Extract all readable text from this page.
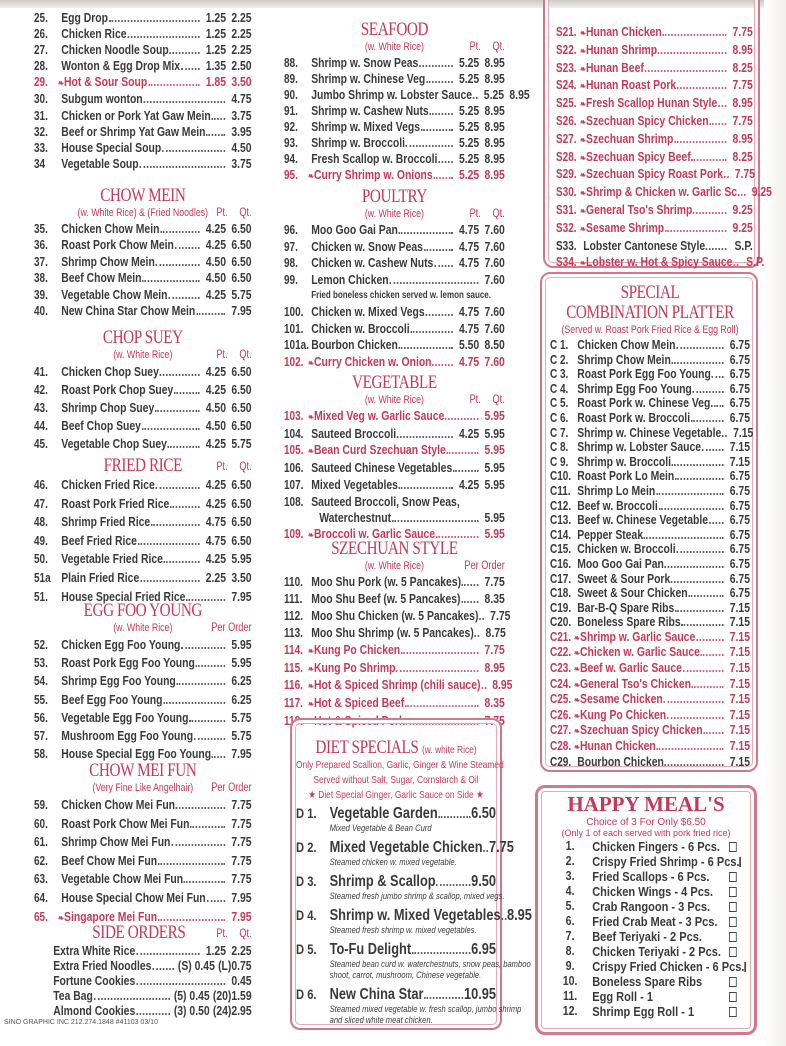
25.	Egg Drop	1.25 2.25
26.	Chicken Rice	1.25 2.25
27.	Chicken Noodle Soup	1.25 2.25
28.	Wonton & Egg Drop Mix	1.35 2.50
29.	❧ Hot & Sour Soup	1.85 3.50
30.	Subgum wonton	4.75
31.	Chicken or Pork Yat Gaw Mein	3.75
32.	Beef or Shrimp Yat Gaw Mein	3.95
33.	House Special Soup	4.50
34	Vegetable Soup	3.75
CHOW MEIN
(w. White Rice) & (Fried Noodles) Pt. Qt.
35.	Chicken Chow Mein	4.25 6.50
36.	Roast Pork Chow Mein	4.25 6.50
37.	Shrimp Chow Mein	4.50 6.50
38.	Beef Chow Mein	4.50 6.50
39.	Vegetable Chow Mein	4.25 5.75
40.	New China Star Chow Mein	7.95
CHOP SUEY
(w. White Rice)	Pt. Qt.
41.	Chicken Chop Suey	4.25 6.50
42.	Roast Pork Chop Suey	4.25 6.50
43.	Shrimp Chop Suey	4.50 6.50
44.	Beef Chop Suey	4.50 6.50
45.	Vegetable Chop Suey	4.25 5.75
FRIED RICE	Pt. Qt.
46.	Chicken Fried Rice	4.25 6.50
47.	Roast Pork Fried Rice	4.25 6.50
48.	Shrimp Fried Rice	4.75 6.50
49.	Beef Fried Rice	4.75 6.50
50.	Vegetable Fried Rice	4.25 5.95
51a Plain Fried Rice	2.25 3.50
51.	House Special Fried Rice	7.95
EGG FOO YOUNG
(w. White Rice)	Per Order
52.	Chicken Egg Foo Young	5.95
53.	Roast Pork Egg Foo Young	5.95
54.	Shrimp Egg Foo Young	6.25
55.	Beef Egg Foo Young	6.25
56.	Vegetable Egg Foo Young	5.75
57.	Mushroom Egg Foo Young	5.75
58.	House Special Egg Foo Young	7.95
CHOW MEI FUN
(Very Fine Like Angelhair) Per Order
59.	Chicken Chow Mei Fun	7.75
60.	Roast Pork Chow Mei Fun	7.75
61.	Shrimp Chow Mei Fun	7.75
62.	Beef Chow Mei Fun	7.75
63.	Vegetable Chow Mei Fun	7.75
64.	House Special Chow Mei Fun	7.95
65.	❧ Singapore Mei Fun	7.95
SIDE ORDERS	Pt. Qt.
Extra White Rice	1.25 2.25
Extra Fried Noodles (S) 0.45 (L)0.75
Fortune Cookies	0.45
Tea Bag	(5) 0.45 (20)1.59
Almond Cookies	(3) 0.50 (24)2.95
SEAFOOD
(w. White Rice)	Pt. Qt.
88.	Shrimp w. Snow Peas	5.25 8.95
89.	Shrimp w. Chinese Veg	5.25 8.95
90.	Jumbo Shrimp w. Lobster Sauce 5.25 8.95
91.	Shrimp w. Cashew Nuts	5.25 8.95
92.	Shrimp w. Mixed Vegs	5.25 8.95
93.	Shrimp w. Broccoli	5.25 8.95
94.	Fresh Scallop w. Broccoli	5.25 8.95
95.	❧ Curry Shrimp w. Onions	5.25 8.95
POULTRY
(w. White Rice)	Pt. Qt.
96.	Moo Goo Gai Pan	4.75 7.60
97.	Chicken w. Snow Peas	4.75 7.60
98.	Chicken w. Cashew Nuts	4.75 7.60
99.	Lemon Chicken	7.60
Fried boneless chicken served w. lemon sauce.
100. Chicken w. Mixed Vegs	4.75 7.60
101. Chicken w. Broccoli	4.75 7.60
101a. Bourbon Chicken	5.50 8.50
102. ❧ Curry Chicken w. Onion	4.75 7.60
VEGETABLE
(w. White Rice)	Pt. Qt.
103. ❧ Mixed Veg w. Garlic Sauce	5.95
104. Sauteed Broccoli	4.25 5.95
105. ❧ Bean Curd Szechuan Style	5.95
106. Sauteed Chinese Vegetables	5.95
107. Mixed Vegetables	4.25 5.95
108. Sauteed Broccoli, Snow Peas,
Waterchestnut	5.95
109. ❧ Broccoli w. Garlic Sauce	5.95
SZECHUAN STYLE
(w. White Rice)	Per Order
110. Moo Shu Pork (w. 5 Pancakes)	7.75
111. Moo Shu Beef (w. 5 Pancakes)	8.35
112. Moo Shu Chicken (w. 5 Pancakes) 7.75
113. Moo Shu Shrimp (w. 5 Pancakes) 8.75
114. ❧ Kung Po Chicken	7.75
115. ❧ Kung Po Shrimp	8.95
116. ❧ Hot & Spiced Shrimp (chili sauce) 8.95
117. ❧ Hot & Spiced Beef	8.35
118. ❧ Hot & Spiced Pork	7.75
DIET SPECIALS (w. white Rice)
Only Prepared Scallion, Garlic, Ginger & Wine Steamed
Served without Salt, Sugar, Cornstarch & Oil
★ Diet Special Ginger, Garlic Sauce on Side ★
D 1. Vegetable Garden 6.50
Mixed Vegetable & Bean Curd
D 2. Mixed Vegetable Chicken 7.75
Steamed chicken w. mixed vegetable.
D 3. Shrimp & Scallop 9.50
Steamed fresh jumbo shrimp & scallop, mixed vegs.
D 4. Shrimp w. Mixed Vegetables 8.95
Steamed fresh shrimp w. mixed vegetables.
D 5. To-Fu Delight	6.95
Steamed bean curd w. waterchestnuts, snow peas, bamboo shoot, carrot, mushroom, Chinese vegetable.
D 6. New China Star	10.95
Steamed mixed vegetable w. fresh scallop, jumbo shrimp and sliced white meat chicken.
S21. ❧ Hunan Chicken	7.75
S22. ❧ Hunan Shrimp	8.95
S23. ❧ Hunan Beef	8.25
S24. ❧ Hunan Roast Pork	7.75
S25. ❧ Fresh Scallop Hunan Style	8.95
S26. ❧ Szechuan Spicy Chicken	7.75
S27. ❧ Szechuan Shrimp	8.95
S28. ❧ Szechuan Spicy Beef	8.25
S29. ❧ Szechuan Spicy Roast Pork 7.75
S30. ❧ Shrimp & Chicken w. Garlic Sc. 9.25
S31. ❧ General Tso's Shrimp	9.25
S32. ❧ Sesame Shrimp	9.25
S33. Lobster Cantonese Style	S.P.
S34. ❧ Lobster w. Hot & Spicy Sauce	S.P.
SPECIAL
COMBINATION PLATTER
(Served w. Roast Pork Fried Rice & Egg Roll)
C 1. Chicken Chow Mein	6.75
C 2. Shrimp Chow Mein	6.75
C 3. Roast Pork Egg Foo Young	6.75
C 4. Shrimp Egg Foo Young	6.75
C 5. Roast Pork w. Chinese Veg.	6.75
C 6. Roast Pork w. Broccoli	6.75
C 7. Shrimp w. Chinese Vegetable 7.15
C 8. Shrimp w. Lobster Sauce	7.15
C 9. Shrimp w. Broccoli	7.15
C10. Roast Pork Lo Mein	6.75
C11. Shrimp Lo Mein	6.75
C12. Beef w. Broccoli	6.75
C13. Beef w. Chinese Vegetable	6.75
C14. Pepper Steak	6.75
C15. Chicken w. Broccoli	6.75
C16. Moo Goo Gai Pan	6.75
C17. Sweet & Sour Pork	6.75
C18. Sweet & Sour Chicken	6.75
C19. Bar-B-Q Spare Ribs	7.15
C20. Boneless Spare Ribs	7.15
C21. ❧ Shrimp w. Garlic Sauce	7.15
C22. ❧ Chicken w. Garlic Sauce	7.15
C23. ❧ Beef w. Garlic Sauce	7.15
C24. ❧ General Tso's Chicken	7.15
C25. ❧ Sesame Chicken	7.15
C26. ❧ Kung Po Chicken	7.15
C27. ❧ Szechuan Spicy Chicken	7.15
C28. ❧ Hunan Chicken	7.15
C29. Bourbon Chicken	7.15
HAPPY MEAL'S
Choice of 3 For Only $6.50
(Only 1 of each served with pork fried rice)
1.	Chicken Fingers - 6 Pcs.
2.	Crispy Fried Shrimp - 6 Pcs.
3.	Fried Scallops - 6 Pcs.
4.	Chicken Wings - 4 Pcs.
5.	Crab Rangoon - 3 Pcs.
6.	Fried Crab Meat - 3 Pcs.
7.	Beef Teriyaki - 2 Pcs.
8.	Chicken Teriyaki - 2 Pcs.
9.	Crispy Fried Chicken - 6 Pcs.
10.	Boneless Spare Ribs
11.	Egg Roll - 1
12.	Shrimp Egg Roll - 1
SINO GRAPHIC INC 212.274.1848 #41103 03/10
